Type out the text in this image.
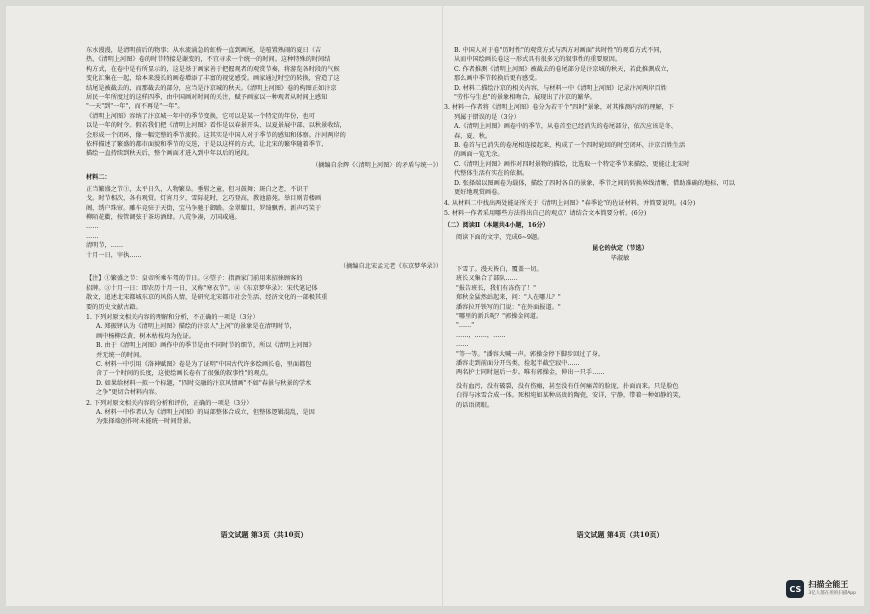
东水漫漫，是清明前后的物事；从水流涌急的虹桥一直到画尾，是喧置熟闹的夏日（吉

热，《清明上河图》卷的时节特接是谢变的，不宜寻求一个统一的时间。这种特殊的时间结

构方式，在卷中是有所显示的，这是基于画家善于把握观者的观赏节奏，将游览各时段的气候

变化汇集在一起，给本来漫长的画卷增添了丰富的视觉感受。画家通过时空的转换，营造了这

结尾是被截去的，而那截去的部分，应当是汴京城的秋天。《清明上河图》卷的构图正如汴京

居民一年所度过的这样四季，由中国画对时间的关注，赋予画家以一种观者从时间上感知

"一天"到"一年"，而不再是"一年"。

《清明上河图》容纳了汴京城一年中的季节变换，它可以是某一个特定的年份，也可

以是一年的时令。假若我们把《清明上河图》看作是以春景开头、以夏景展中部、以秋景收结，

会形成一个闭环，像一幅完整的季节流转。这其实是中国人对于季节的感知和体察。汴河两岸的

依样描述了繁盛的都市面貌和季节的交迭，于是以这样的方式，让北宋的繁华随着季节、

描绘一直持续到秋天后，整个画面才进入到中年以后的尾段。

（摘编自余辉《〈清明上河图〉的矛盾与统一》）

材料二：

正当繁盛之节①，太平日久，人物繁阜。垂髫之童，但习鼓舞；斑白之老，不识干

戈。时节相次，各有观赏。灯宵月夕，雪际花时，乞巧登高，教池游苑。举目则青楼画

阁，绣户珠帘。雕车竞驻于天街，宝马争驰于御路。金翠耀目，罗绮飘香。新声巧笑于

柳陌花衢，按管调弦于茶坊酒肆。八荒争凑，万国咸通。

……

……

清明节，……

十月一日，宰执……

（摘编自北宋孟元老《东京梦华录》）

【注】①繁盛之节：皇帝所乘车驾的节日。②望子：指酒家门前用来招徕顾客的

招牌。③十月一日：即农历十月一日，又称"寒衣节"。④《东京梦华录》：宋代笔记体

散文，追述北宋都城东京的风俗人情，是研究北宋都市社会生活、经济文化的一部极其重

要的历史文献古籍。

1. 下列对原文相关内容的理解和分析，不正确的一项是（3分）

A. 郑振铎认为《清明上河图》描绘的汴京人"上河"的景象是在清明时节，

画中杨柳泛黄、树木枯枝均为佐证。

B. 由于《清明上河图》画作中的季节是由不同时节的细节，所以《清明上河图》

并无统一的时间。

C. 材料一中引用《洛神赋图》卷是为了证明"中国古代许多绘画长卷，里面都包

含了一个时间的长度，这使绘画长卷有了很强的叙事性"的观点。

D. 如果给材料一拟一个标题，"四时交融的汴京风情画"不如"春景与秋景的学术

之争"更切合材料内容。

2. 下列对原文相关内容的分析和评价，正确的一项是（3分）

A. 材料一中作者认为《清明上河图》的局部整体合成立，但整体逻辑混乱，是因

为张择端创作时未能统一时间背景。

语文试题 第3页（共10页）

B. 中国人对于卷"历时性"的观赏方式与西方对画面"共时性"的观看方式不同，

从而中国绘画长卷这一形式具有很多元的叙事性的重要原因。

C. 作者推测《清明上河图》被截去的卷尾部分是汴京城的秋天，若此推测成立，

那么画中季节转换后更有感受。

D. 材料二描绘汴京的相关内容，与材料一中《清明上河图》记录汴河两岸百姓

"劳作与生息"的景象相吻合，展现出了汴京的繁华。

3. 材料一作者将《清明上河图》卷分为若干个"四时"景象，对其推测内容的理解，下

列属于错误的是（3分）

A.《清明上河图》画卷中的季节，从卷首至已经消失的卷尾部分，依次应该是冬、

春、夏、秋。

B. 卷首与已消失的卷尾相连接起来，构成了一个四时轮回的时空闭环，汴京百姓生活

的画面一览无余。

C.《清明上河图》画作对四时景物的描绘，比选取一个特定季节来描绘，更能让北宋时

代整体生活有实在的依据。

D. 张择端以图画卷为载体，描绘了四时各自的景象，季节之间的转换界线清晰，借助准确的地标，可以

更好地观赏画卷。

4. 从材料二中找出两处能证所关于《清明上河图》"春季论"的佐证材料，并简要说明。(4分)

5. 材料一作者采用哪些方法得出自己的观点？请结合文本简要分析。(6分)

（二）阅读Ⅱ（本题共4小题，16分）

阅读下面的文字，完成6~9题。

昆仑的伙定（节选）

毕淑敏

下雪了。漫天皆白，覆盖一切。

班长又集合了部队……

"报告班长，我们有冻伤了！"

郑秋金猛然站起来，问："人在哪儿？"

潘容拉开铁写的门说："在外面报道。"

"哪里的新兵呢？"郭操金问道。

"……"

……，……，……

……

"等一等。"潘容大喊一声。郭操金停下脚步回过了身。

潘容走到前面分开鸟类，捡起半截空寂中……

两名护士同时退后一步。唯有郭操金，伸出一只手……

没有血污，没有破裂，没有伤瘢，甚至没有任何痛苦的脸庞，扑面而来。只是脸色

白得与冰雪合成一体。死相宛如某种高贵的陶瓷，安详，宁静，带着一种如静的笑，

的话语闭眼。

语文试题 第4页（共10页）
CS 扫描全能王
3亿人都在用的扫描App
